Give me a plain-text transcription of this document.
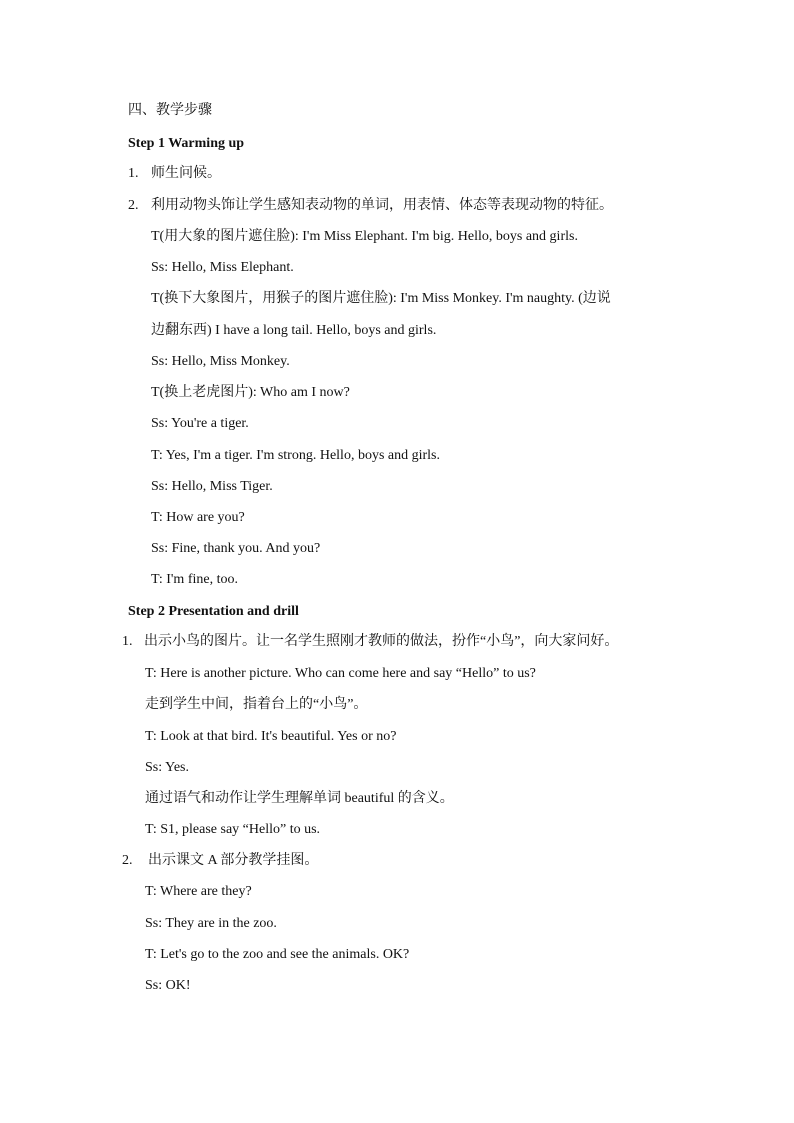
四、教学步骤
Step 1 Warming up
1. 师生问候。
2. 利用动物头饰让学生感知表动物的单词，用表情、体态等表现动物的特征。
T(用大象的图片遮住脸): I'm Miss Elephant. I'm big. Hello, boys and girls.
Ss: Hello, Miss Elephant.
T(换下大象图片，用猴子的图片遮住脸): I'm Miss Monkey. I'm naughty. (边说
边翻东西) I have a long tail. Hello, boys and girls.
Ss: Hello, Miss Monkey.
T(换上老虎图片): Who am I now?
Ss: You're a tiger.
T: Yes, I'm a tiger. I'm strong. Hello, boys and girls.
Ss: Hello, Miss Tiger.
T: How are you?
Ss: Fine, thank you. And you?
T: I'm fine, too.
Step 2 Presentation and drill
1. 出示小鸟的图片。让一名学生照刚才教师的做法，扮作“小鸟”，向大家问好。
T: Here is another picture. Who can come here and say “Hello” to us?
走到学生中间，指着台上的“小鸟”。
T: Look at that bird. It's beautiful. Yes or no?
Ss: Yes.
通过语气和动作让学生理解单词 beautiful 的含义。
T: S1, please say “Hello” to us.
2. 出示课文 A 部分教学挂图。
T: Where are they?
Ss: They are in the zoo.
T: Let's go to the zoo and see the animals. OK?
Ss: OK!
